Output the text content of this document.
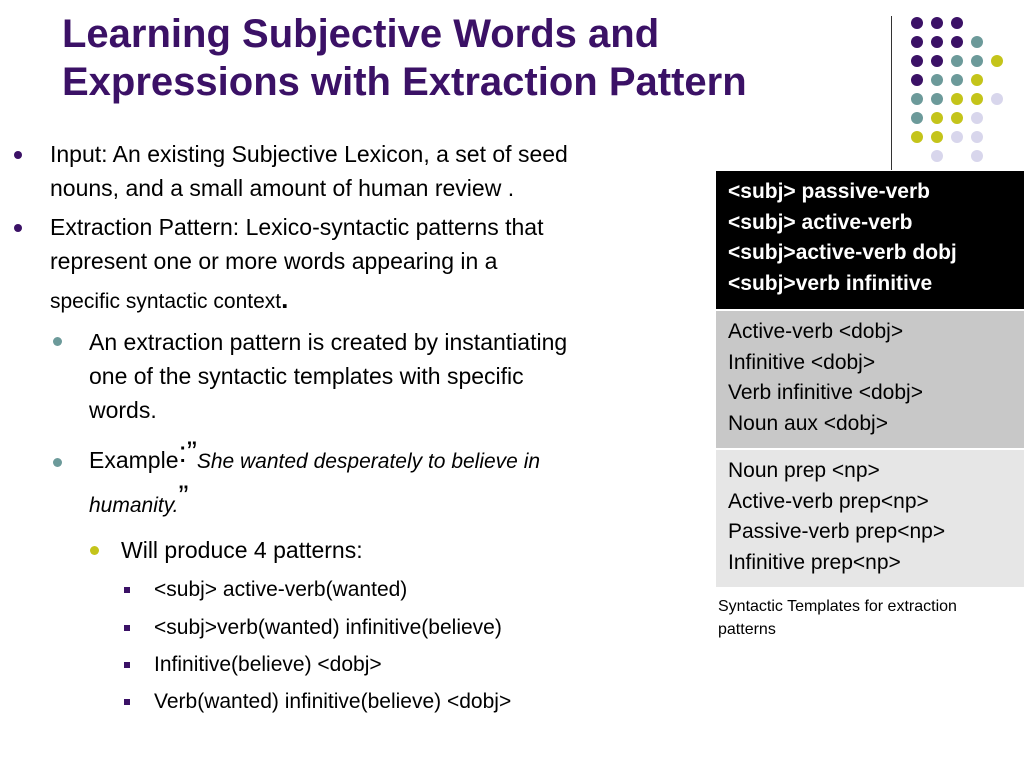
Learning Subjective Words and
Expressions with Extraction Pattern
Input: An existing Subjective Lexicon, a set of seed
nouns, and a small amount of human review .
Extraction Pattern: Lexico-syntactic patterns that
represent one or more words appearing in a
specific syntactic context.
An extraction pattern is created by instantiating
one of the syntactic templates with specific
words.
Example:”She wanted desperately to believe in
humanity.”
Will produce 4 patterns:
<subj> active-verb(wanted)
<subj>verb(wanted) infinitive(believe)
Infinitive(believe) <dobj>
Verb(wanted) infinitive(believe) <dobj>
<subj> passive-verb
<subj> active-verb
<subj>active-verb dobj
<subj>verb infinitive
Active-verb <dobj>
Infinitive <dobj>
Verb infinitive <dobj>
Noun aux <dobj>
Noun prep <np>
Active-verb prep<np>
Passive-verb prep<np>
Infinitive prep<np>
Syntactic Templates for extraction
patterns
